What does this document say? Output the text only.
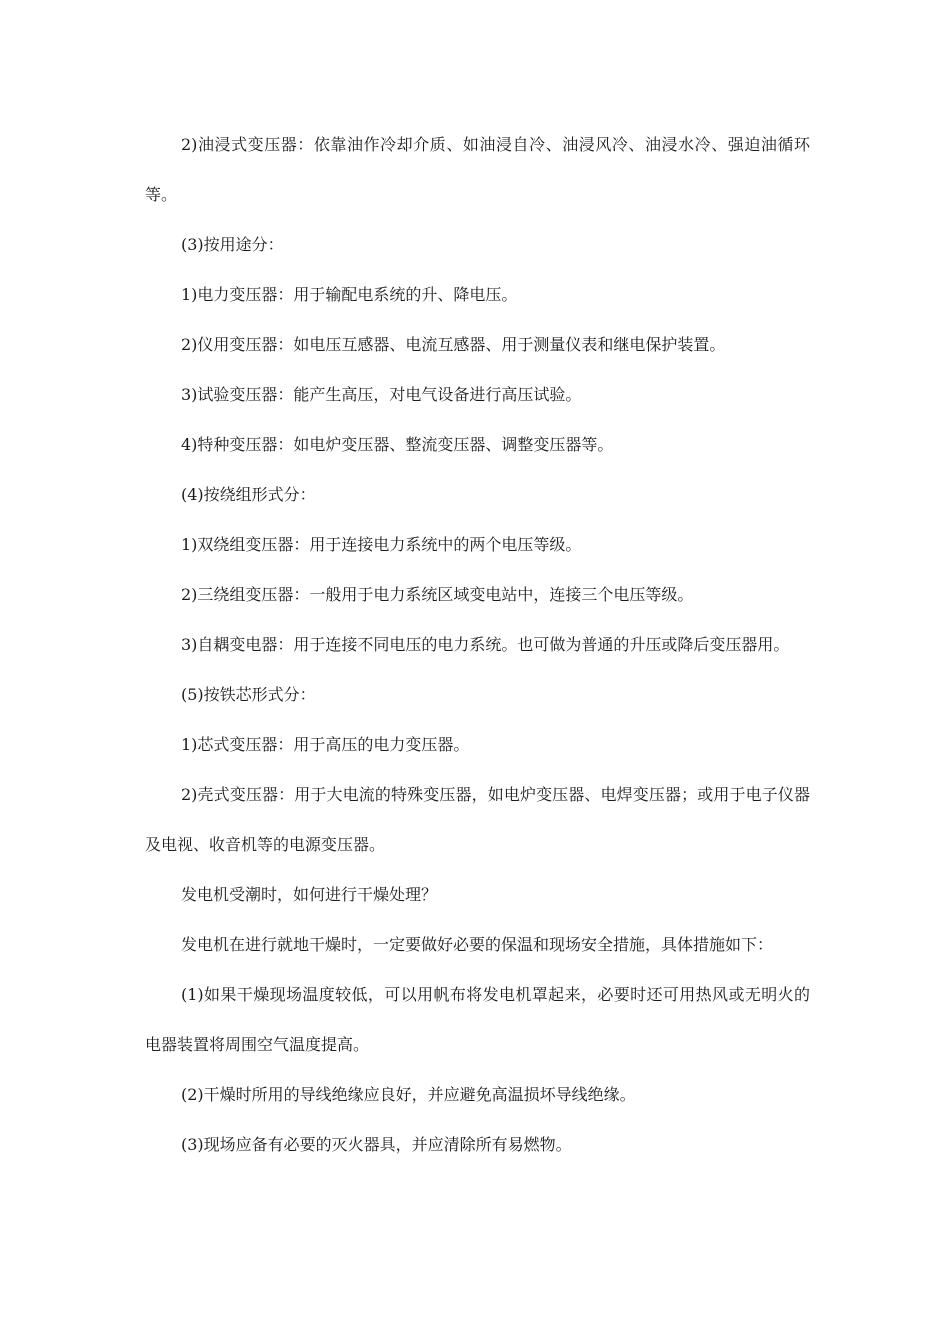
2)油浸式变压器：依靠油作冷却介质、如油浸自冷、油浸风冷、油浸水冷、强迫油循环等。

(3)按用途分：

1)电力变压器：用于输配电系统的升、降电压。

2)仪用变压器：如电压互感器、电流互感器、用于测量仪表和继电保护装置。

3)试验变压器：能产生高压，对电气设备进行高压试验。

4)特种变压器：如电炉变压器、整流变压器、调整变压器等。

(4)按绕组形式分：

1)双绕组变压器：用于连接电力系统中的两个电压等级。

2)三绕组变压器：一般用于电力系统区域变电站中，连接三个电压等级。

3)自耦变电器：用于连接不同电压的电力系统。也可做为普通的升压或降后变压器用。

(5)按铁芯形式分：

1)芯式变压器：用于高压的电力变压器。

2)壳式变压器：用于大电流的特殊变压器，如电炉变压器、电焊变压器；或用于电子仪器及电视、收音机等的电源变压器。

发电机受潮时，如何进行干燥处理？

发电机在进行就地干燥时，一定要做好必要的保温和现场安全措施，具体措施如下：

(1)如果干燥现场温度较低，可以用帆布将发电机罩起来，必要时还可用热风或无明火的电器装置将周围空气温度提高。

(2)干燥时所用的导线绝缘应良好，并应避免高温损坏导线绝缘。

(3)现场应备有必要的灭火器具，并应清除所有易燃物。
